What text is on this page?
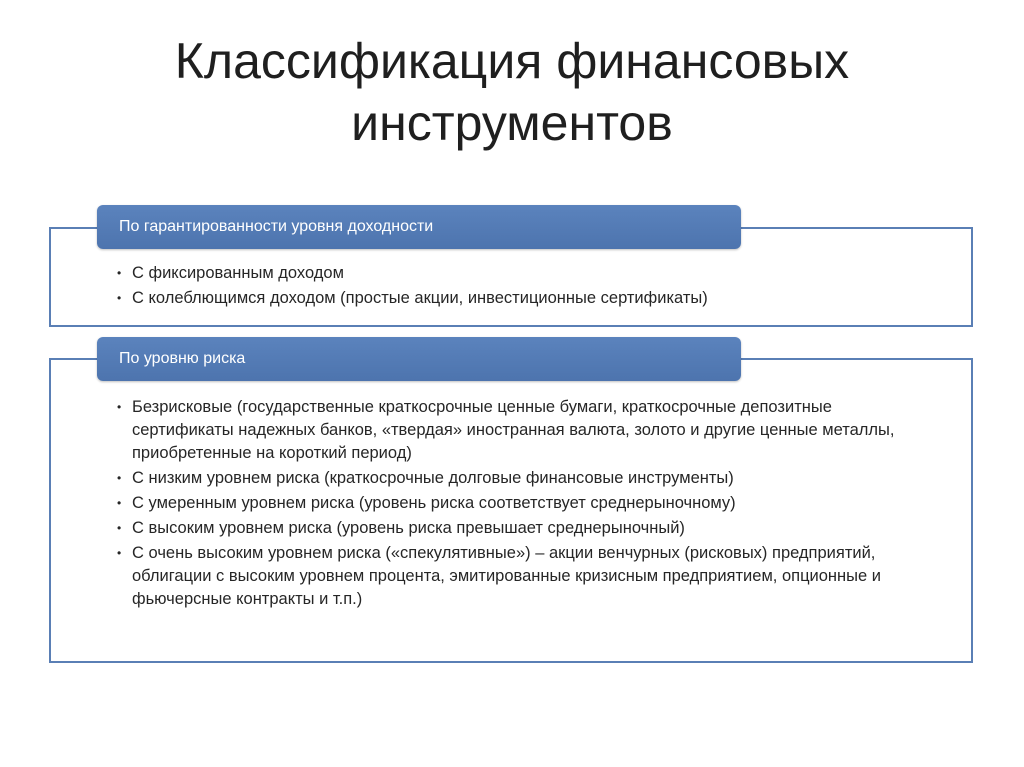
Классификация финансовых
инструментов
По гарантированности уровня доходности
• С фиксированным доходом
• С колеблющимся доходом (простые акции, инвестиционные сертификаты)
По уровню риска
• Безрисковые (государственные краткосрочные ценные бумаги, краткосрочные депозитные сертификаты надежных банков, «твердая» иностранная валюта, золото и другие ценные металлы, приобретенные на короткий период)
• С низким уровнем риска (краткосрочные долговые финансовые инструменты)
• С умеренным уровнем риска (уровень риска соответствует среднерыночному)
• С высоким уровнем риска (уровень риска превышает среднерыночный)
• С очень высоким уровнем риска («спекулятивные») – акции венчурных (рисковых) предприятий, облигации с высоким уровнем процента, эмитированные кризисным предприятием, опционные и фьючерсные контракты и т.п.)
